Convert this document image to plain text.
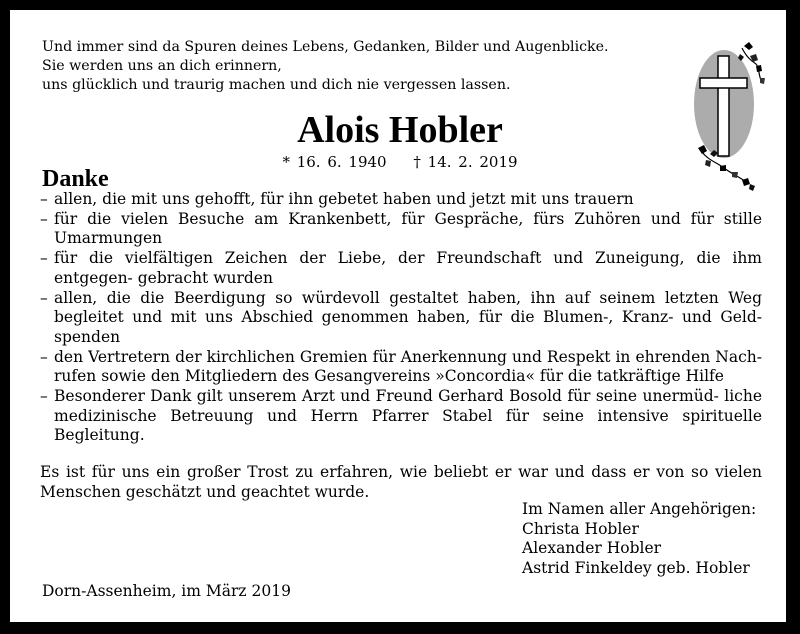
Und immer sind da Spuren deines Lebens, Gedanken, Bilder und Augenblicke.
Sie werden uns an dich erinnern,
uns glücklich und traurig machen und dich nie vergessen lassen.
Alois Hobler
* 16. 6. 1940 † 14. 2. 2019
Danke
– allen, die mit uns gehofft, für ihn gebetet haben und jetzt mit uns trauern
– für die vielen Besuche am Krankenbett, für Gespräche, fürs Zuhören und für stille Umarmungen
– für die vielfältigen Zeichen der Liebe, der Freundschaft und Zuneigung, die ihm entgegen- gebracht wurden
– allen, die die Beerdigung so würdevoll gestaltet haben, ihn auf seinem letzten Weg begleitet und mit uns Abschied genommen haben, für die Blumen-, Kranz- und Geld- spenden
– den Vertretern der kirchlichen Gremien für Anerkennung und Respekt in ehrenden Nach- rufen sowie den Mitgliedern des Gesangvereins »Concordia« für die tatkräftige Hilfe
– Besonderer Dank gilt unserem Arzt und Freund Gerhard Bosold für seine unermüd- liche medizinische Betreuung und Herrn Pfarrer Stabel für seine intensive spirituelle Begleitung.
Es ist für uns ein großer Trost zu erfahren, wie beliebt er war und dass er von so vielen Menschen geschätzt und geachtet wurde.
Im Namen aller Angehörigen:
Christa Hobler
Alexander Hobler
Astrid Finkeldey geb. Hobler
Dorn-Assenheim, im März 2019
